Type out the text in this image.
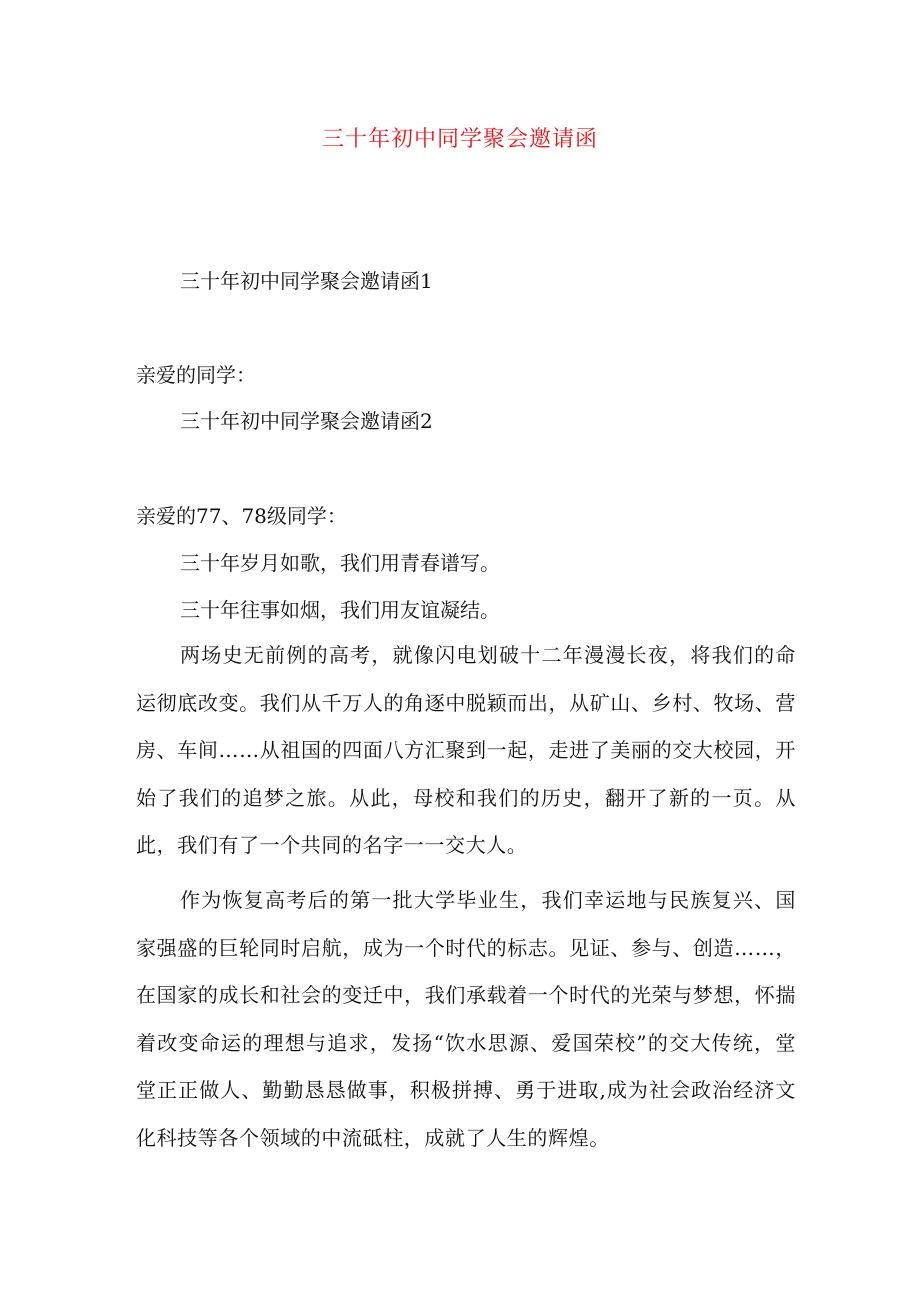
三十年初中同学聚会邀请函
三十年初中同学聚会邀请函1
亲爱的同学：
三十年初中同学聚会邀请函2
亲爱的77、78级同学：
三十年岁月如歌，我们用青春谱写。
三十年往事如烟，我们用友谊凝结。
两场史无前例的高考，就像闪电划破十二年漫漫长夜，将我们的命运彻底改变。我们从千万人的角逐中脱颖而出，从矿山、乡村、牧场、营房、车间……从祖国的四面八方汇聚到一起，走进了美丽的交大校园，开始了我们的追梦之旅。从此，母校和我们的历史，翻开了新的一页。从此，我们有了一个共同的名字一一交大人。
作为恢复高考后的第一批大学毕业生，我们幸运地与民族复兴、国家强盛的巨轮同时启航，成为一个时代的标志。见证、参与、创造……，在国家的成长和社会的变迁中，我们承载着一个时代的光荣与梦想，怀揣着改变命运的理想与追求，发扬“饮水思源、爱国荣校”的交大传统，堂堂正正做人、勤勤恳恳做事，积极拼搏、勇于进取,成为社会政治经济文化科技等各个领域的中流砥柱，成就了人生的辉煌。
